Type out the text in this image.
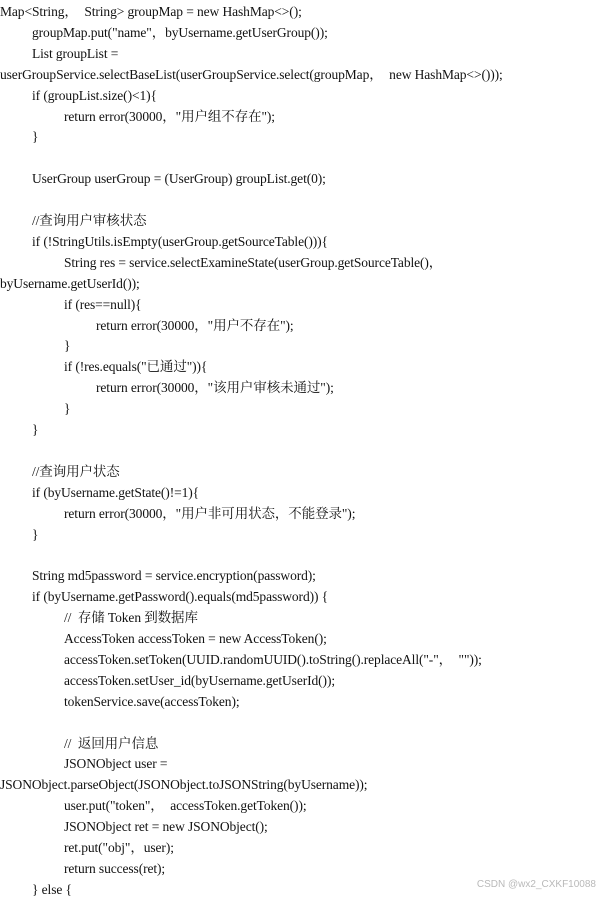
Map<String，  String> groupMap = new HashMap<>();
groupMap.put("name"，byUsername.getUserGroup());
List groupList =
userGroupService.selectBaseList(userGroupService.select(groupMap，  new HashMap<>()));
if (groupList.size()<1){
return error(30000，"用户组不存在");
}
UserGroup userGroup = (UserGroup) groupList.get(0);
//查询用户审核状态
if (!StringUtils.isEmpty(userGroup.getSourceTable())){
String res = service.selectExamineState(userGroup.getSourceTable()，
byUsername.getUserId());
if (res==null){
return error(30000，"用户不存在");
}
if (!res.equals("已通过")){
return error(30000，"该用户审核未通过");
}
}
//查询用户状态
if (byUsername.getState()!=1){
return error(30000，"用户非可用状态，不能登录");
}
String md5password = service.encryption(password);
if (byUsername.getPassword().equals(md5password)) {
//  存储 Token 到数据库
AccessToken accessToken = new AccessToken();
accessToken.setToken(UUID.randomUUID().toString().replaceAll("-"，  ""));
accessToken.setUser_id(byUsername.getUserId());
tokenService.save(accessToken);
//  返回用户信息
JSONObject user =
JSONObject.parseObject(JSONObject.toJSONString(byUsername));
user.put("token"，  accessToken.getToken());
JSONObject ret = new JSONObject();
ret.put("obj"，user);
return success(ret);
} else {	CSDN @wx2_CXKF10088
